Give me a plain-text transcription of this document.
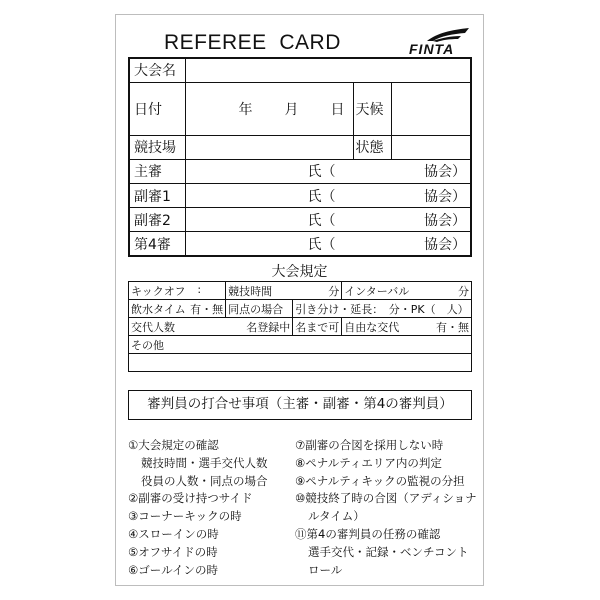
REFEREE  CARD	FINTA
大会名			
日付	年 月 日	天候	
競技場		状態	
主審	氏 （ 協会）		

副審1	氏 （ 協会）		

副審2	氏 （ 協会）		

第4審	氏 （ 協会）		
大会規定
キックオフ :	競技時間 分		インターバル 分

飲水タイム 有・無	同点の場合	引き分け・延長：　分・PK（　人）	

交代人数 名登録中		名まで可	自由な交代 有・無

その他			

審判員の打合せ事項（主審・副審・第4の審判員）
①大会規定の確認
競技時間・選手交代人数
役員の人数・同点の場合
②副審の受け持つサイド
③コーナーキックの時
④スローインの時
⑤オフサイドの時
⑥ゴールインの時
⑦副審の合図を採用しない時
⑧ペナルティエリア内の判定
⑨ペナルティキックの監視の分担
⑩競技終了時の合図（アディショナ
ルタイム）
⑪第4の審判員の任務の確認
選手交代・記録・ベンチコント
ロール
